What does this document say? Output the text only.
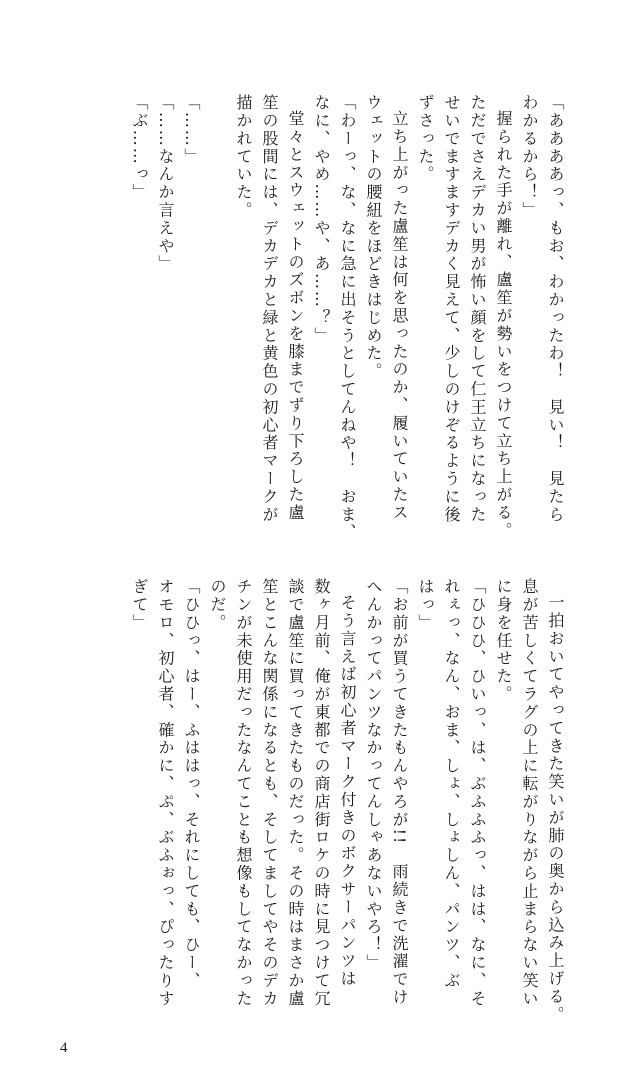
「ああああっ、もお、わかったわ！　見い！　見たら

わかるから！」

握られた手が離れ、盧笙が勢いをつけて立ち上がる。

ただでさえデカい男が怖い顔をして仁王立ちになった

せいでますますデカく見えて、少しのけぞるように後

ずさった。

立ち上がった盧笙は何を思ったのか、履いていたス

ウェットの腰紐をほどきはじめた。

「わーっ、な、なに急に出そうとしてんねや！　おま、

なに、やめ……や、あ……？」

堂々とスウェットのズボンを膝までずり下ろした盧

笙の股間には、デカデカと緑と黄色の初心者マークが

描かれていた。

「……」

「……なんか言えや」

「ぶ……っ」

一拍おいてやってきた笑いが肺の奥から込み上げる。

息が苦しくてラグの上に転がりながら止まらない笑い

に身を任せた。

「ひひひ、ひいっ、は、ぶふふふっ、はは、なに、そ

れぇっ、なん、おま、しょ、しょしん、パンツ、ぶ

はっ」

「お前が買うてきたもんやろが!!　雨続きで洗濯でけ

へんかってパンツなかってんしゃあないやろ！」

そう言えば初心者マーク付きのボクサーパンツは

数ヶ月前、俺が東都での商店街ロケの時に見つけて冗

談で盧笙に買ってきたものだった。その時はまさか盧

笙とこんな関係になるとも、そしてましてやそのデカ

チンが未使用だったなんてことも想像もしてなかった

のだ。

「ひひっ、はー、ふははっ、それにしても、ひー、

オモロ、初心者、確かに、ぷ、ぶふぉっ、ぴったりす

ぎて」

4
